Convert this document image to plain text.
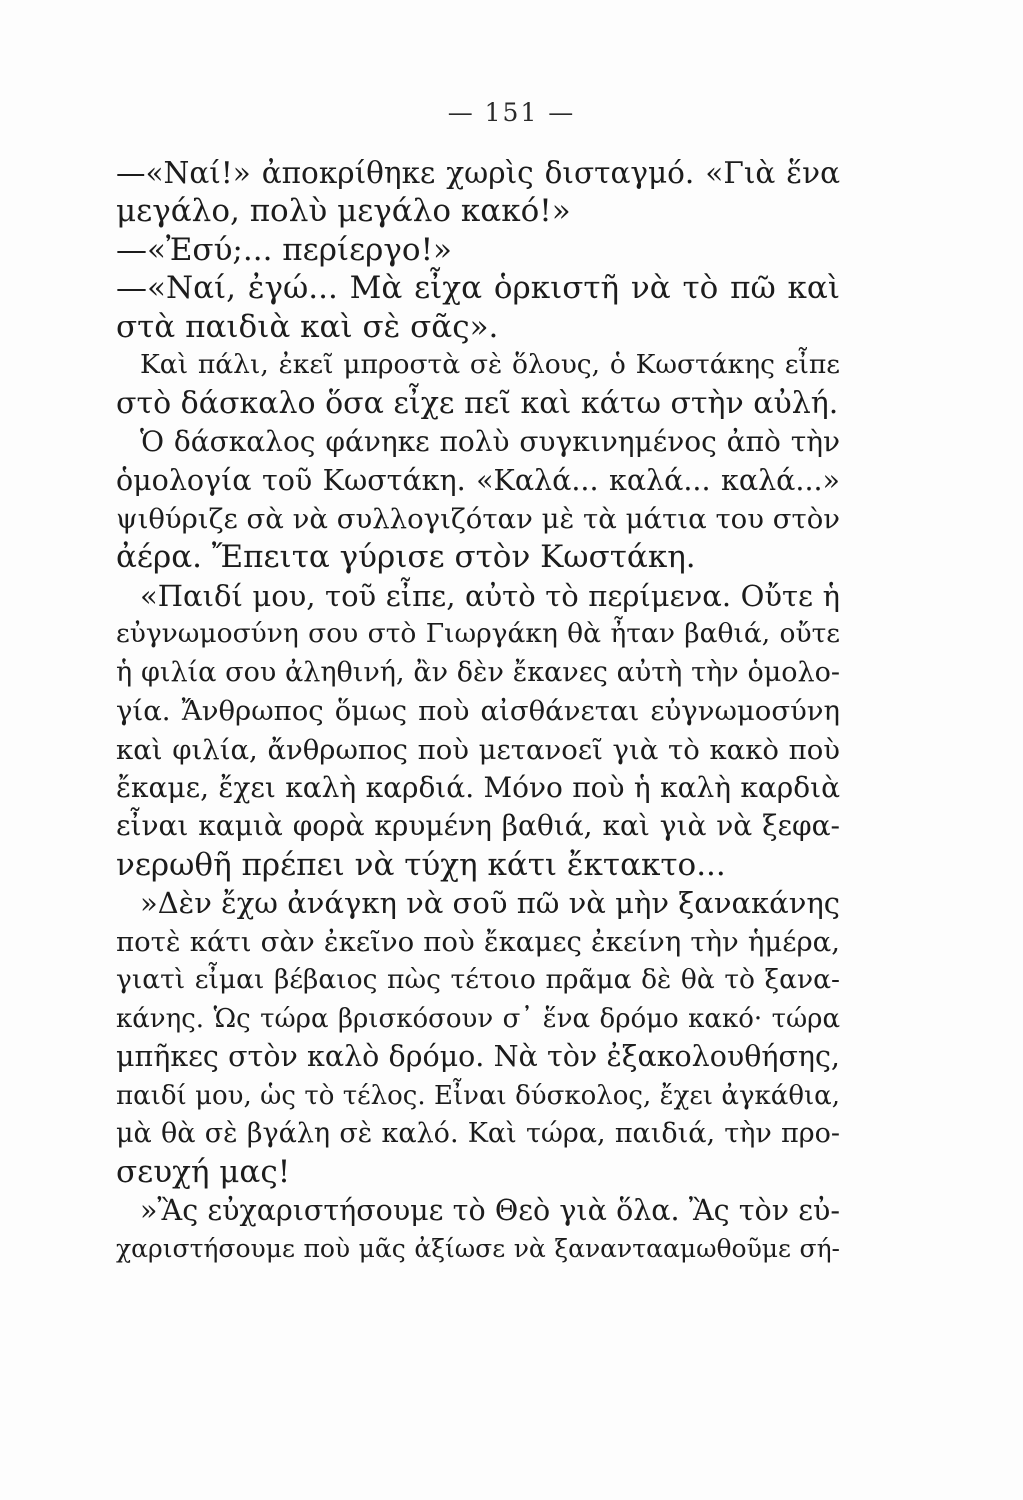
— 151 —
—«Ναί!» ἀποκρίθηκε χωρὶς δισταγμό. «Γιὰ ἕνα
μεγάλο, πολὺ μεγάλο κακό!»
—«Ἐσύ;... περίεργο!»
—«Ναί, ἐγώ... Μὰ εἶχα ὁρκιστῆ νὰ τὸ πῶ καὶ
στὰ παιδιὰ καὶ σὲ σᾶς».
Καὶ πάλι, ἐκεῖ μπροστὰ σὲ ὅλους, ὁ Κωστάκης εἶπε
στὸ δάσκαλο ὅσα εἶχε πεῖ καὶ κάτω στὴν αὐλή.
Ὁ δάσκαλος φάνηκε πολὺ συγκινημένος ἀπὸ τὴν
ὁμολογία τοῦ Κωστάκη. «Καλά... καλά... καλά...»
ψιθύριζε σὰ νὰ συλλογιζόταν μὲ τὰ μάτια του στὸν
ἀέρα. Ἔπειτα γύρισε στὸν Κωστάκη.
«Παιδί μου, τοῦ εἶπε, αὐτὸ τὸ περίμενα. Οὔτε ἡ
εὐγνωμοσύνη σου στὸ Γιωργάκη θὰ ἦταν βαθιά, οὔτε
ἡ φιλία σου ἀληθινή, ἂν δὲν ἔκανες αὐτὴ τὴν ὁμολο-
γία. Ἄνθρωπος ὅμως ποὺ αἰσθάνεται εὐγνωμοσύνη
καὶ φιλία, ἄνθρωπος ποὺ μετανοεῖ γιὰ τὸ κακὸ ποὺ
ἔκαμε, ἔχει καλὴ καρδιά. Μόνο ποὺ ἡ καλὴ καρδιὰ
εἶναι καμιὰ φορὰ κρυμένη βαθιά, καὶ γιὰ νὰ ξεφα-
νερωθῆ πρέπει νὰ τύχη κάτι ἔκτακτο...
»Δὲν ἔχω ἀνάγκη νὰ σοῦ πῶ νὰ μὴν ξανακάνης
ποτὲ κάτι σὰν ἐκεῖνο ποὺ ἔκαμες ἐκείνη τὴν ἡμέρα,
γιατὶ εἶμαι βέβαιος πὼς τέτοιο πρᾶμα δὲ θὰ τὸ ξανα-
κάνης. Ὡς τώρα βρισκόσουν σ᾽ ἕνα δρόμο κακό· τώρα
μπῆκες στὸν καλὸ δρόμο. Νὰ τὸν ἐξακολουθήσης,
παιδί μου, ὡς τὸ τέλος. Εἶναι δύσκολος, ἔχει ἀγκάθια,
μὰ θὰ σὲ βγάλη σὲ καλό. Καὶ τώρα, παιδιά, τὴν προ-
σευχή μας!
»Ἂς εὐχαριστήσουμε τὸ Θεὸ γιὰ ὅλα. Ἂς τὸν εὐ-
χαριστήσουμε ποὺ μᾶς ἀξίωσε νὰ ξαναντααμωθοῦμε σή-
